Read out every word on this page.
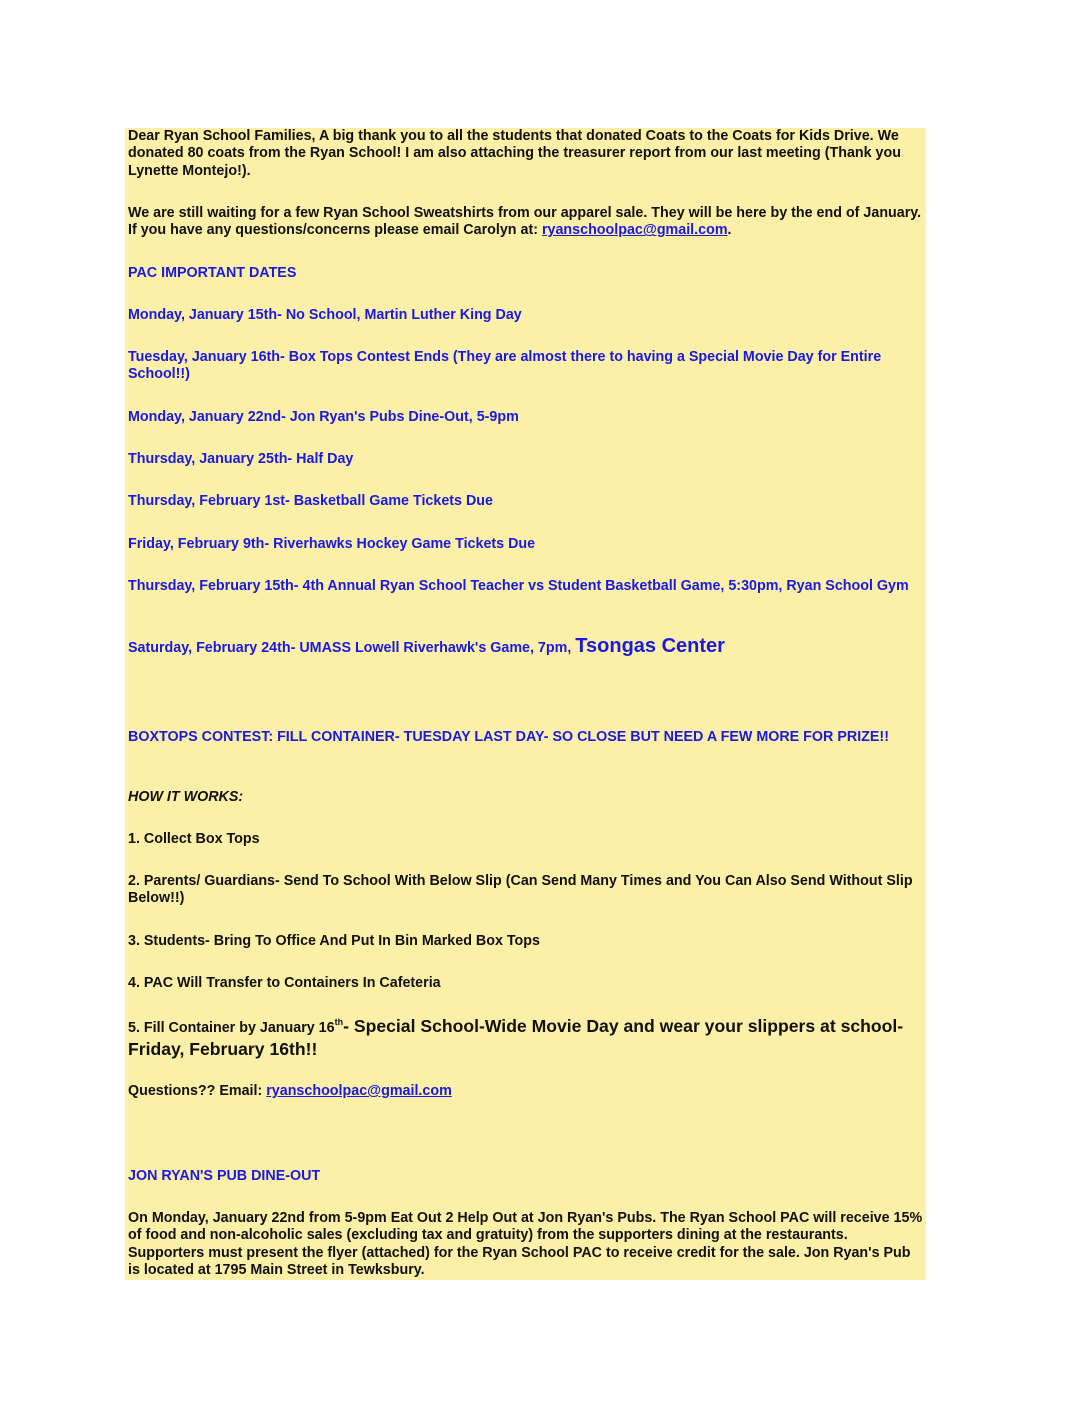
Dear Ryan School Families, A big thank you to all the students that donated Coats to the Coats for Kids Drive. We donated 80 coats from the Ryan School! I am also attaching the treasurer report from our last meeting (Thank you Lynette Montejo!).

We are still waiting for a few Ryan School Sweatshirts from our apparel sale. They will be here by the end of January. If you have any questions/concerns please email Carolyn at: ryanschoolpac@gmail.com.

PAC IMPORTANT DATES

Monday, January 15th- No School, Martin Luther King Day

Tuesday, January 16th- Box Tops Contest Ends (They are almost there to having a Special Movie Day for Entire School!!)

Monday, January 22nd- Jon Ryan's Pubs Dine-Out, 5-9pm

Thursday, January 25th- Half Day

Thursday, February 1st- Basketball Game Tickets Due

Friday, February 9th- Riverhawks Hockey Game Tickets Due

Thursday, February 15th- 4th Annual Ryan School Teacher vs Student Basketball Game, 5:30pm, Ryan School Gym

Saturday, February 24th- UMASS Lowell Riverhawk's Game, 7pm, Tsongas Center

BOXTOPS CONTEST: FILL CONTAINER- TUESDAY LAST DAY- SO CLOSE BUT NEED A FEW MORE FOR PRIZE!!

HOW IT WORKS:

1. Collect Box Tops

2. Parents/ Guardians- Send To School With Below Slip (Can Send Many Times and You Can Also Send Without Slip Below!!)

3. Students- Bring To Office And Put In Bin Marked Box Tops

4. PAC Will Transfer to Containers In Cafeteria

5. Fill Container by January 16th- Special School-Wide Movie Day and wear your slippers at school- Friday, February 16th!!

Questions?? Email: ryanschoolpac@gmail.com

JON RYAN'S PUB DINE-OUT

On Monday, January 22nd from 5-9pm Eat Out 2 Help Out at Jon Ryan's Pubs. The Ryan School PAC will receive 15% of food and non-alcoholic sales (excluding tax and gratuity) from the supporters dining at the restaurants. Supporters must present the flyer (attached) for the Ryan School PAC to receive credit for the sale. Jon Ryan's Pub is located at 1795 Main Street in Tewksbury.
